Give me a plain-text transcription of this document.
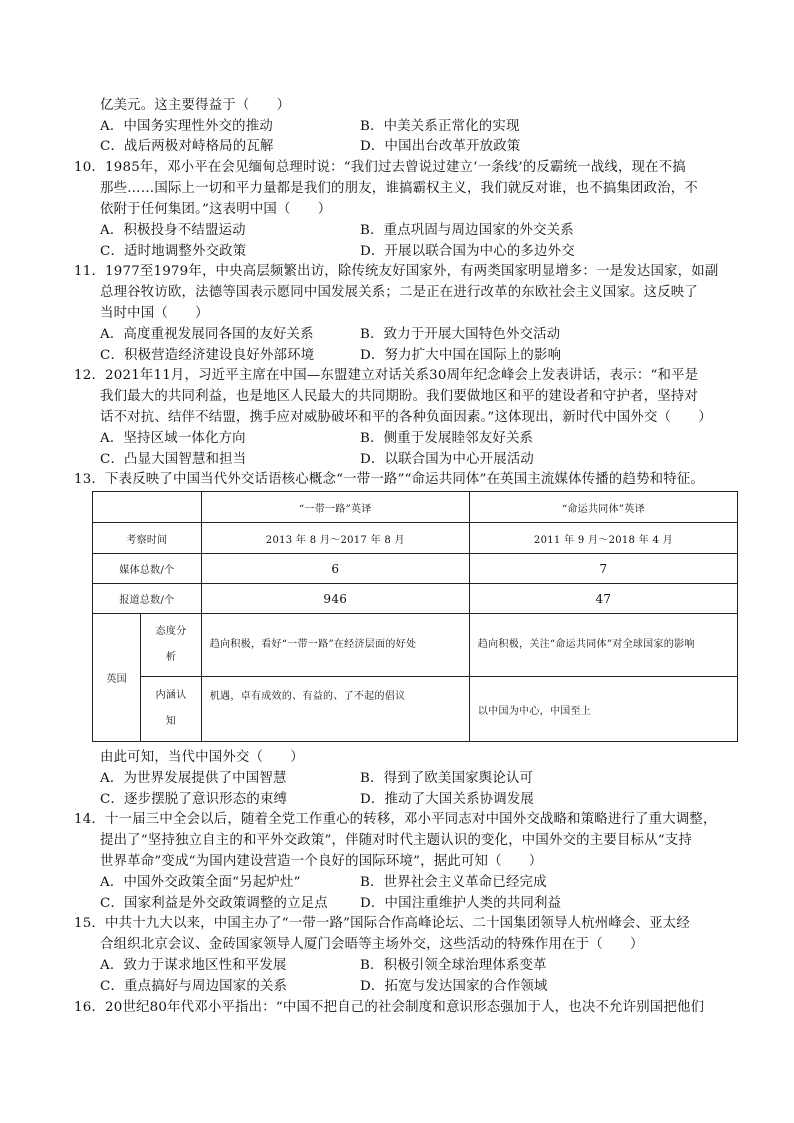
亿美元。这主要得益于（　　）
A．中国务实理性外交的推动	B．中美关系正常化的实现
C．战后两极对峙格局的瓦解	D．中国出台改革开放政策
10．1985年，邓小平在会见缅甸总理时说：“我们过去曾说过建立‘一条线’的反霸统一战线，现在不搞
那些……国际上一切和平力量都是我们的朋友，谁搞霸权主义，我们就反对谁，也不搞集团政治，不
依附于任何集团。”这表明中国（　　）
A．积极投身不结盟运动	B．重点巩固与周边国家的外交关系
C．适时地调整外交政策	D．开展以联合国为中心的多边外交
11．1977至1979年，中央高层频繁出访，除传统友好国家外，有两类国家明显增多：一是发达国家，如副
总理谷牧访欧，法德等国表示愿同中国发展关系；二是正在进行改革的东欧社会主义国家。这反映了
当时中国（　　）
A．高度重视发展同各国的友好关系	B．致力于开展大国特色外交活动
C．积极营造经济建设良好外部环境	D．努力扩大中国在国际上的影响
12．2021年11月，习近平主席在中国—东盟建立对话关系30周年纪念峰会上发表讲话，表示：“和平是
我们最大的共同利益，也是地区人民最大的共同期盼。我们要做地区和平的建设者和守护者，坚持对
话不对抗、结伴不结盟，携手应对威胁破坏和平的各种负面因素。”这体现出，新时代中国外交（　　）
A．坚持区域一体化方向	B．侧重于发展睦邻友好关系
C．凸显大国智慧和担当	D．以联合国为中心开展活动
13．下表反映了中国当代外交话语核心概念“一带一路”“命运共同体”在英国主流媒体传播的趋势和特征。
		“一带一路”英译	“命运共同体”英译
考察时间		2013 年 8 月～2017 年 8 月	2011 年 9 月～2018 年 4 月
媒体总数/个		6	7
报道总数/个		946	47
英国	态度分析	趋向积极，看好“一带一路”在经济层面的好处	趋向积极，关注“命运共同体”对全球国家的影响
	内涵认知	机遇，卓有成效的、有益的、了不起的倡议	以中国为中心，中国至上
由此可知，当代中国外交（　　）
A．为世界发展提供了中国智慧	B．得到了欧美国家舆论认可
C．逐步摆脱了意识形态的束缚	D．推动了大国关系协调发展
14．十一届三中全会以后，随着全党工作重心的转移，邓小平同志对中国外交战略和策略进行了重大调整，
提出了“坚持独立自主的和平外交政策”，伴随对时代主题认识的变化，中国外交的主要目标从“支持
世界革命”变成“为国内建设营造一个良好的国际环境”，据此可知（　　）
A．中国外交政策全面“另起炉灶”	B．世界社会主义革命已经完成
C．国家利益是外交政策调整的立足点 D．中国注重维护人类的共同利益
15．中共十九大以来，中国主办了“一带一路”国际合作高峰论坛、二十国集团领导人杭州峰会、亚太经
合组织北京会议、金砖国家领导人厦门会晤等主场外交，这些活动的特殊作用在于（　　）
A．致力于谋求地区性和平发展	B．积极引领全球治理体系变革
C．重点搞好与周边国家的关系	D．拓宽与发达国家的合作领域
16．20世纪80年代邓小平指出：“中国不把自己的社会制度和意识形态强加于人，也决不允许别国把他们
